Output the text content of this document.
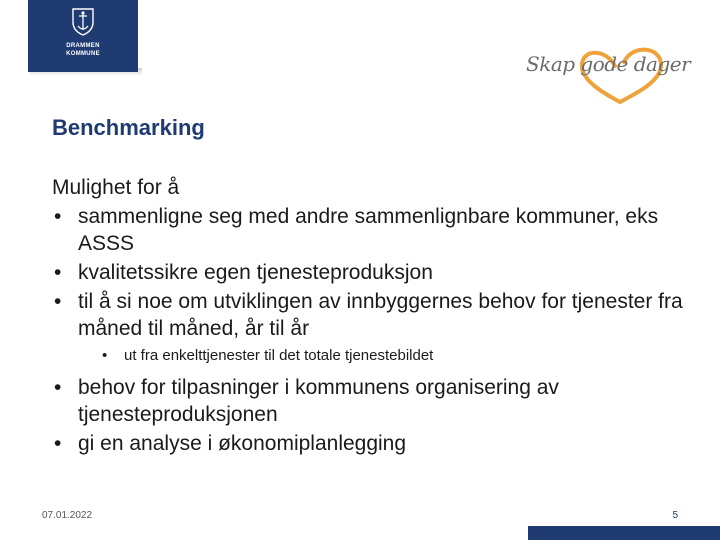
DRAMMEN
KOMMUNE	Skap gode dager
Benchmarking
Mulighet for å
• sammenligne seg med andre sammenlignbare kommuner, eks ASSS
• kvalitetssikre egen tjenesteproduksjon
• til å si noe om utviklingen av innbyggernes behov for tjenester fra måned til måned, år til år
• ut fra enkelttjenester til det totale tjenestebildet
• behov for tilpasninger i kommunens organisering av tjenesteproduksjonen
• gi en analyse i økonomiplanlegging
07.01.2022	5
